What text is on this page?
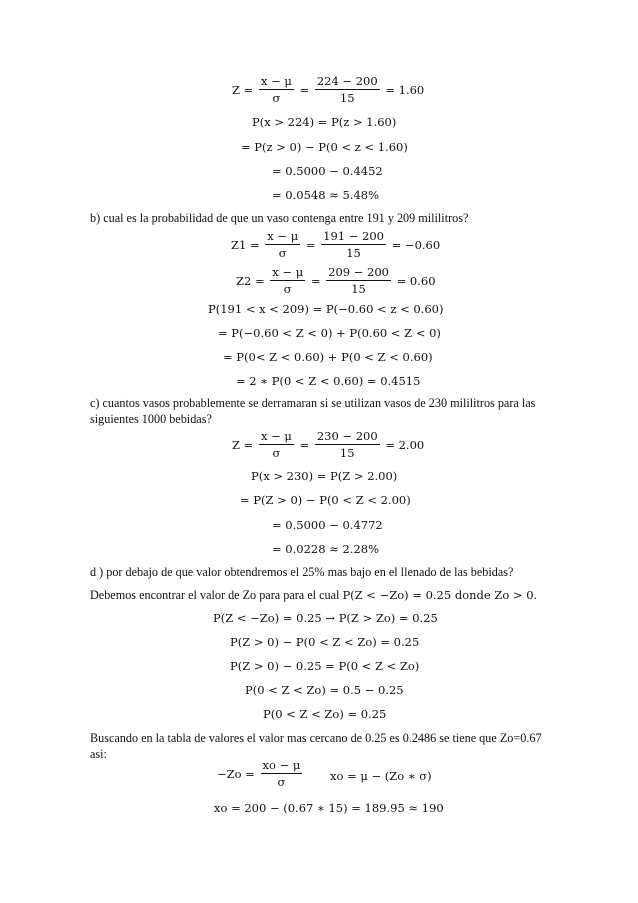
$Z = \frac{x - \mu}{\sigma} = \frac{224 - 200}{15} = 1.60$
P(x > 224) = P(z > 1.60)
= P(z > 0) − P(0 < z < 1.60)
= 0.5000 − 0.4452
= 0.0548 ≈ 5.48%
b) cual es la probabilidad de que un vaso contenga entre 191 y 209 mililitros?
$Z1 = \frac{x - \mu}{\sigma} = \frac{191 - 200}{15} = -0.60$
$Z2 = \frac{x - \mu}{\sigma} = \frac{209 - 200}{15} = 0.60$
P(191 < x < 209) = P(−0.60 < z < 0.60)
= P(−0.60 < Z < 0) + P(0.60 < Z < 0)
= P(0< Z < 0.60) + P(0 < Z < 0.60)
= 2 ∗ P(0 < Z < 0.60) = 0.4515
c) cuantos vasos probablemente se derramaran si se utilizan vasos de 230 mililitros para las
siguientes 1000 bebidas?
$Z = \frac{x - \mu}{\sigma} = \frac{230 - 200}{15} = 2.00$
P(x > 230) = P(Z > 2.00)
= P(Z > 0) − P(0 < Z < 2.00)
= 0.5000 − 0.4772
= 0.0228 ≈ 2.28%
d ) por debajo de que valor obtendremos el 25% mas bajo en el llenado de las bebidas?
Debemos encontrar el valor de Zo para para el cual P(Z < −Zo) = 0.25 donde Zo > 0.
P(Z < −Zo) = 0.25 → P(Z > Zo) = 0.25
P(Z > 0) − P(0 < Z < Zo) = 0.25
P(Z > 0) − 0.25 = P(0 < Z < Zo)
P(0 < Z < Zo) = 0.5 − 0.25
P(0 < Z < Zo) = 0.25
Buscando en la tabla de valores el valor mas cercano de 0.25 es 0.2486 se tiene que Zo=0.67
asi:
$-Zo = \frac{xo - \mu}{\sigma}$ xo = μ − (Zo ∗ σ)
xo = 200 − (0.67 ∗ 15) = 189.95 ≈ 190
